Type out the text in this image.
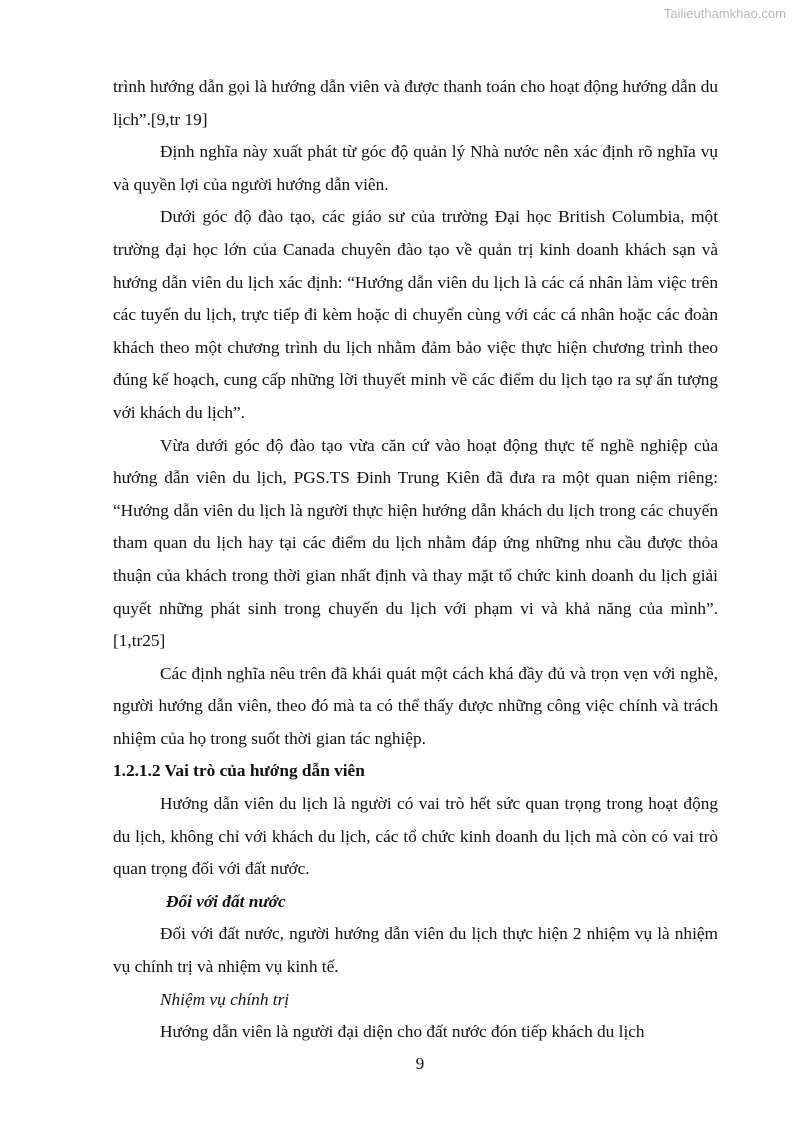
Tailieuthamkhao.com

trình hướng dẫn gọi là hướng dẫn viên và được thanh toán cho hoạt động hướng dẫn du lịch”.[9,tr 19]

Định nghĩa này xuất phát từ góc độ quản lý Nhà nước nên xác định rõ nghĩa vụ và quyền lợi của người hướng dẫn viên.

Dưới góc độ đào tạo, các giáo sư của trường Đại học British Columbia, một trường đại học lớn của Canada chuyên đào tạo về quản trị kinh doanh khách sạn và hướng dẫn viên du lịch xác định: “Hướng dẫn viên du lịch là các cá nhân làm việc trên các tuyến du lịch, trực tiếp đi kèm hoặc di chuyển cùng với các cá nhân hoặc các đoàn khách theo một chương trình du lịch nhằm đảm bảo việc thực hiện chương trình theo đúng kế hoạch, cung cấp những lời thuyết minh về các điểm du lịch tạo ra sự ấn tượng với khách du lịch”.

Vừa dưới góc độ đào tạo vừa căn cứ vào hoạt động thực tế nghề nghiệp của hướng dẫn viên du lịch, PGS.TS Đinh Trung Kiên đã đưa ra một quan niệm riêng: “Hướng dẫn viên du lịch là người thực hiện hướng dẫn khách du lịch trong các chuyến tham quan du lịch hay tại các điểm du lịch nhằm đáp ứng những nhu cầu được thỏa thuận của khách trong thời gian nhất định và thay mặt tổ chức kinh doanh du lịch giải quyết những phát sinh trong chuyến du lịch với phạm vi và khả năng của mình”.[1,tr25]

Các định nghĩa nêu trên đã khái quát một cách khá đầy đủ và trọn vẹn với nghề, người hướng dẫn viên, theo đó mà ta có thể thấy được những công việc chính và trách nhiệm của họ trong suốt thời gian tác nghiệp.

1.2.1.2 Vai trò của hướng dẫn viên

Hướng dẫn viên du lịch là người có vai trò hết sức quan trọng trong hoạt động du lịch, không chỉ với khách du lịch, các tổ chức kinh doanh du lịch mà còn có vai trò quan trọng đối với đất nước.

Đối với đất nước

Đối với đất nước, người hướng dẫn viên du lịch thực hiện 2 nhiệm vụ là nhiệm vụ chính trị và nhiệm vụ kinh tế.

Nhiệm vụ chính trị

Hướng dẫn viên là người đại diện cho đất nước đón tiếp khách du lịch

9
